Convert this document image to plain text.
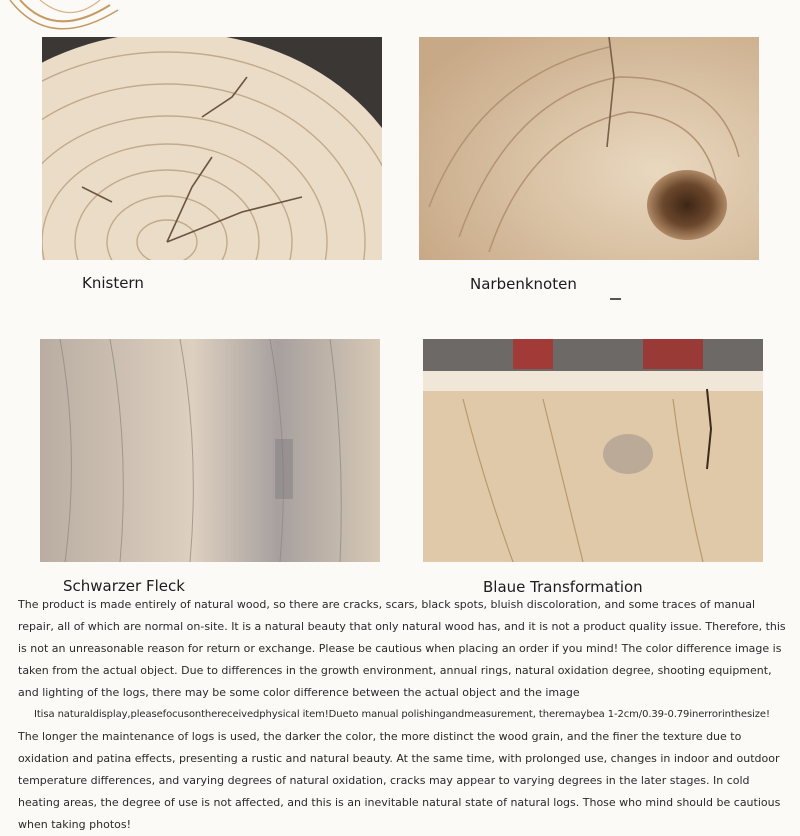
Knistern	Narbenknoten
Schwarzer Fleck	Blaue Transformation

The product is made entirely of natural wood, so there are cracks, scars, black spots, bluish discoloration, and some traces of manual repair, all of which are normal on-site. It is a natural beauty that only natural wood has, and it is not a product quality issue. Therefore, this is not an unreasonable reason for return or exchange. Please be cautious when placing an order if you mind! The color difference image is taken from the actual object. Due to differences in the growth environment, annual rings, natural oxidation degree, shooting equipment, and lighting of the logs, there may be some color difference between the actual object and the image

Itisa naturaldisplay,pleasefocusonthereceivedphysical item!Dueto manual polishingandmeasurement, theremaybea 1-2cm/0.39-0.79inerrorinthesize!

The longer the maintenance of logs is used, the darker the color, the more distinct the wood grain, and the finer the texture due to oxidation and patina effects, presenting a rustic and natural beauty. At the same time, with prolonged use, changes in indoor and outdoor temperature differences, and varying degrees of natural oxidation, cracks may appear to varying degrees in the later stages. In cold heating areas, the degree of use is not affected, and this is an inevitable natural state of natural logs. Those who mind should be cautious when taking photos!
